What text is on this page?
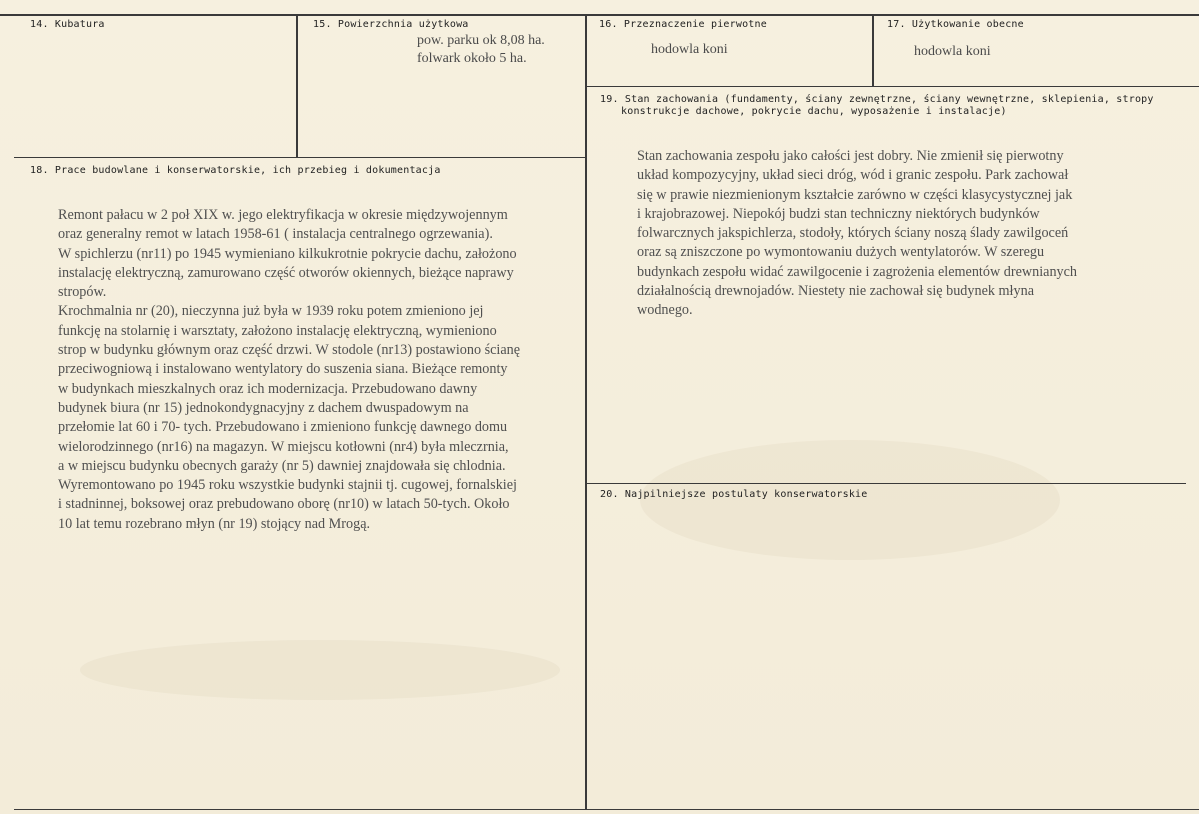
14. Kubatura	15. Powierzchnia użytkowa
pow. parku ok 8,08 ha.
folwark około 5 ha.
16. Przeznaczenie pierwotne
hodowla koni
17. Użytkowanie obecne
hodowla koni
19. Stan zachowania (fundamenty, ściany zewnętrzne, ściany wewnętrzne, sklepienia, stropy
konstrukcje dachowe, pokrycie dachu, wyposażenie i instalacje)
Stan zachowania zespołu jako całości jest dobry. Nie zmienił się pierwotny
układ kompozycyjny, układ sieci dróg, wód i granic zespołu. Park zachował
się w prawie niezmienionym kształcie zarówno w części klasycystycznej jak
i krajobrazowej. Niepokój budzi stan techniczny niektórych budynków
folwarcznych jakspichlerza, stodoły, których ściany noszą ślady zawilgoceń
oraz są zniszczone po wymontowaniu dużych wentylatorów. W szeregu
budynkach zespołu widać zawilgocenie i zagrożenia elementów drewnianych
działalnością drewnojadów. Niestety nie zachował się budynek młyna
wodnego.
18. Prace budowlane i konserwatorskie, ich przebieg i dokumentacja
Remont pałacu w 2 poł XIX w. jego elektryfikacja w okresie międzywojennym
oraz generalny remot w latach 1958-61 ( instalacja centralnego ogrzewania).
W spichlerzu (nr11) po 1945 wymieniano kilkukrotnie pokrycie dachu, założono
instalację elektryczną, zamurowano część otworów okiennych, bieżące naprawy
stropów.
Krochmalnia nr (20), nieczynna już była w 1939 roku potem zmieniono jej
funkcję na stolarnię i warsztaty, założono instalację elektryczną, wymieniono
strop w budynku głównym oraz część drzwi. W stodole (nr13) postawiono ścianę
przeciwogniową i instalowano wentylatory do suszenia siana. Bieżące remonty
w budynkach mieszkalnych oraz ich modernizacja. Przebudowano dawny
budynek biura (nr 15) jednokondygnacyjny z dachem dwuspadowym na
przełomie lat 60 i 70- tych. Przebudowano i zmieniono funkcję dawnego domu
wielorodzinnego (nr16) na magazyn. W miejscu kotłowni (nr4) była mleczrnia,
a w miejscu budynku obecnych garaży (nr 5) dawniej znajdowała się chlodnia.
Wyremontowano po 1945 roku wszystkie budynki stajnii tj. cugowej, fornalskiej
i stadninnej, boksowej oraz prebudowano oborę (nr10) w latach 50-tych. Około
10 lat temu rozebrano młyn (nr 19) stojący nad Mrogą.
20. Najpilniejsze postulaty konserwatorskie
